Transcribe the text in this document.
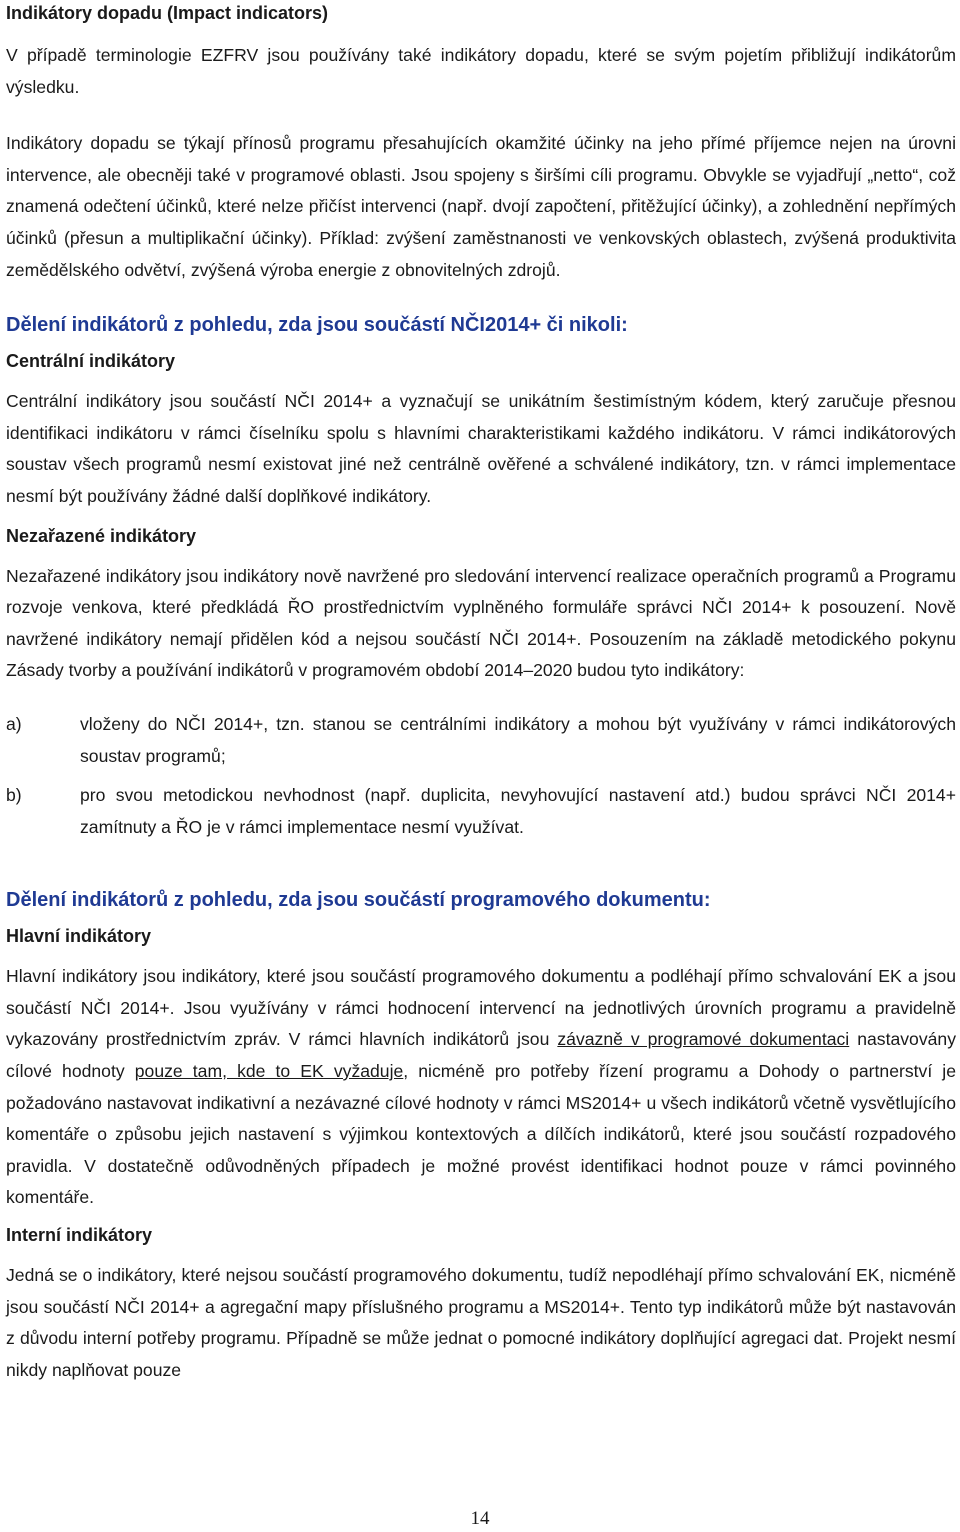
Indikátory dopadu (Impact indicators)

V případě terminologie EZFRV jsou používány také indikátory dopadu, které se svým pojetím přibližují indikátorům výsledku.

Indikátory dopadu se týkají přínosů programu přesahujících okamžité účinky na jeho přímé příjemce nejen na úrovni intervence, ale obecněji také v programové oblasti. Jsou spojeny s širšími cíli programu. Obvykle se vyjadřují „netto“, což znamená odečtení účinků, které nelze přičíst intervenci (např. dvojí započtení, přitěžující účinky), a zohlednění nepřímých účinků (přesun a multiplikační účinky). Příklad: zvýšení zaměstnanosti ve venkovských oblastech, zvýšená produktivita zemědělského odvětví, zvýšená výroba energie z obnovitelných zdrojů.

Dělení indikátorů z pohledu, zda jsou součástí NČI2014+ či nikoli:
Centrální indikátory

Centrální indikátory jsou součástí NČI 2014+ a vyznačují se unikátním šestimístným kódem, který zaručuje přesnou identifikaci indikátoru v rámci číselníku spolu s hlavními charakteristikami každého indikátoru. V rámci indikátorových soustav všech programů nesmí existovat jiné než centrálně ověřené a schválené indikátory, tzn. v rámci implementace nesmí být používány žádné další doplňkové indikátory.

Nezařazené indikátory

Nezařazené indikátory jsou indikátory nově navržené pro sledování intervencí realizace operačních programů a Programu rozvoje venkova, které předkládá ŘO prostřednictvím vyplněného formuláře správci NČI 2014+ k posouzení. Nově navržené indikátory nemají přidělen kód a nejsou součástí NČI 2014+. Posouzením na základě metodického pokynu Zásady tvorby a používání indikátorů v programovém období 2014–2020 budou tyto indikátory:

a)	vloženy do NČI 2014+, tzn. stanou se centrálními indikátory a mohou být využívány v rámci indikátorových soustav programů;
b)	pro svou metodickou nevhodnost (např. duplicita, nevyhovující nastavení atd.) budou správci NČI 2014+ zamítnuty a ŘO je v rámci implementace nesmí využívat.
Dělení indikátorů z pohledu, zda jsou součástí programového dokumentu:
Hlavní indikátory

Hlavní indikátory jsou indikátory, které jsou součástí programového dokumentu a podléhají přímo schvalování EK a jsou součástí NČI 2014+. Jsou využívány v rámci hodnocení intervencí na jednotlivých úrovních programu a pravidelně vykazovány prostřednictvím zpráv. V rámci hlavních indikátorů jsou závazně v programové dokumentaci nastavovány cílové hodnoty pouze tam, kde to EK vyžaduje, nicméně pro potřeby řízení programu a Dohody o partnerství je požadováno nastavovat indikativní a nezávazné cílové hodnoty v rámci MS2014+ u všech indikátorů včetně vysvětlujícího komentáře o způsobu jejich nastavení s výjimkou kontextových a dílčích indikátorů, které jsou součástí rozpadového pravidla. V dostatečně odůvodněných případech je možné provést identifikaci hodnot pouze v rámci povinného komentáře.

Interní indikátory

Jedná se o indikátory, které nejsou součástí programového dokumentu, tudíž nepodléhají přímo schvalování EK, nicméně jsou součástí NČI 2014+ a agregační mapy příslušného programu a MS2014+. Tento typ indikátorů může být nastavován z důvodu interní potřeby programu. Případně se může jednat o pomocné indikátory doplňující agregaci dat. Projekt nesmí nikdy naplňovat pouze

14
